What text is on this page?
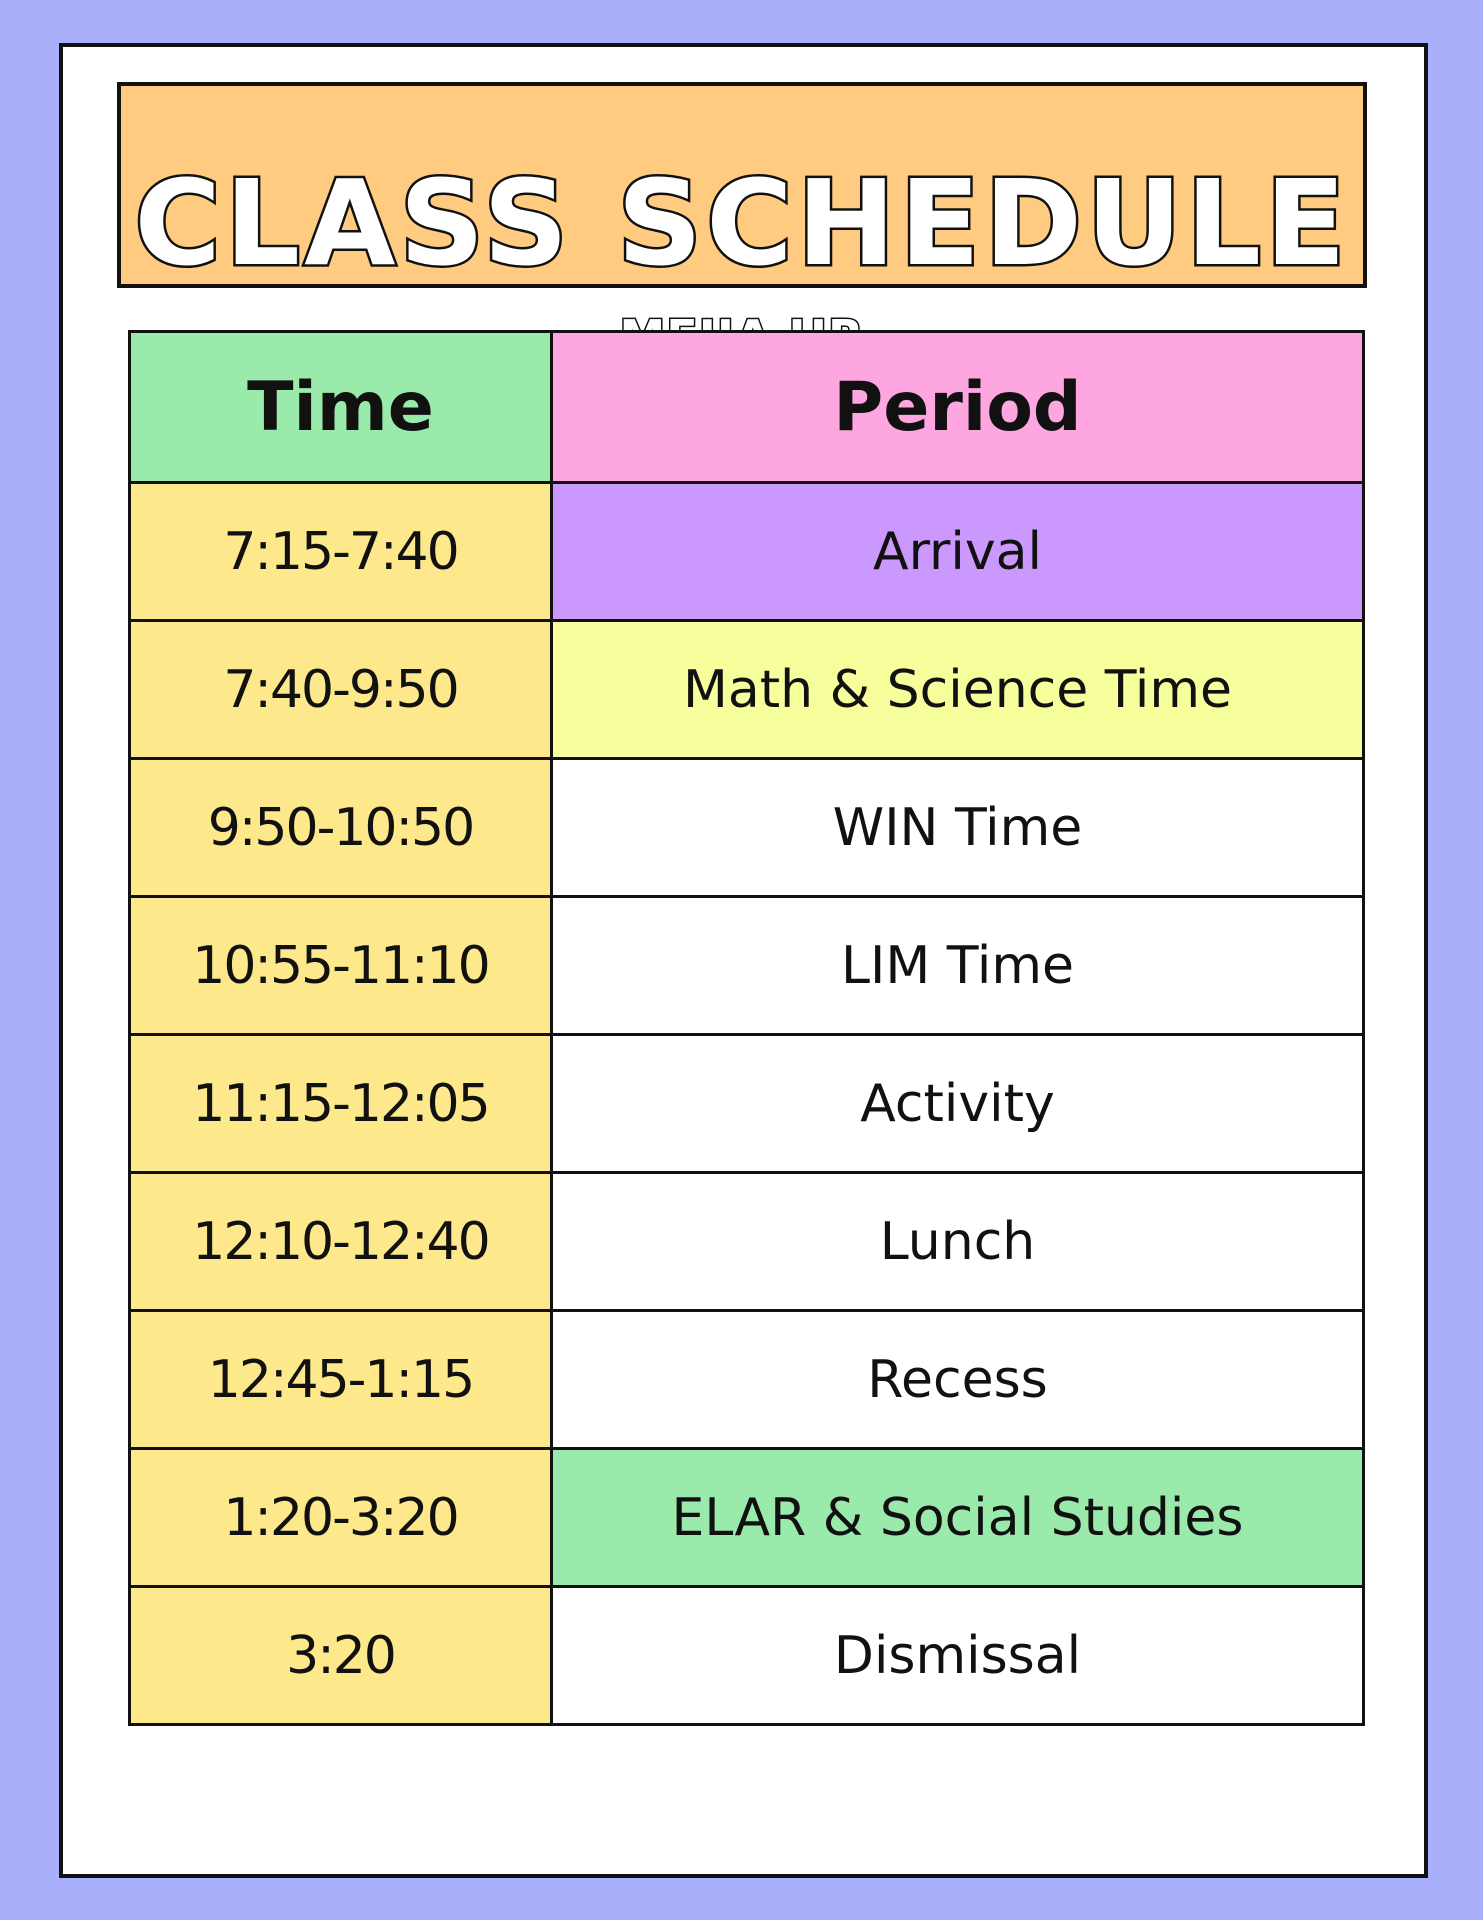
CLASS SCHEDULE
Time	Period
7:15-7:40	Arrival
7:40-9:50	Math & Science Time
9:50-10:50	WIN Time
10:55-11:10	LIM Time
11:15-12:05	Activity
12:10-12:40	Lunch
12:45-1:15	Recess
1:20-3:20	ELAR & Social Studies
3:20	Dismissal
